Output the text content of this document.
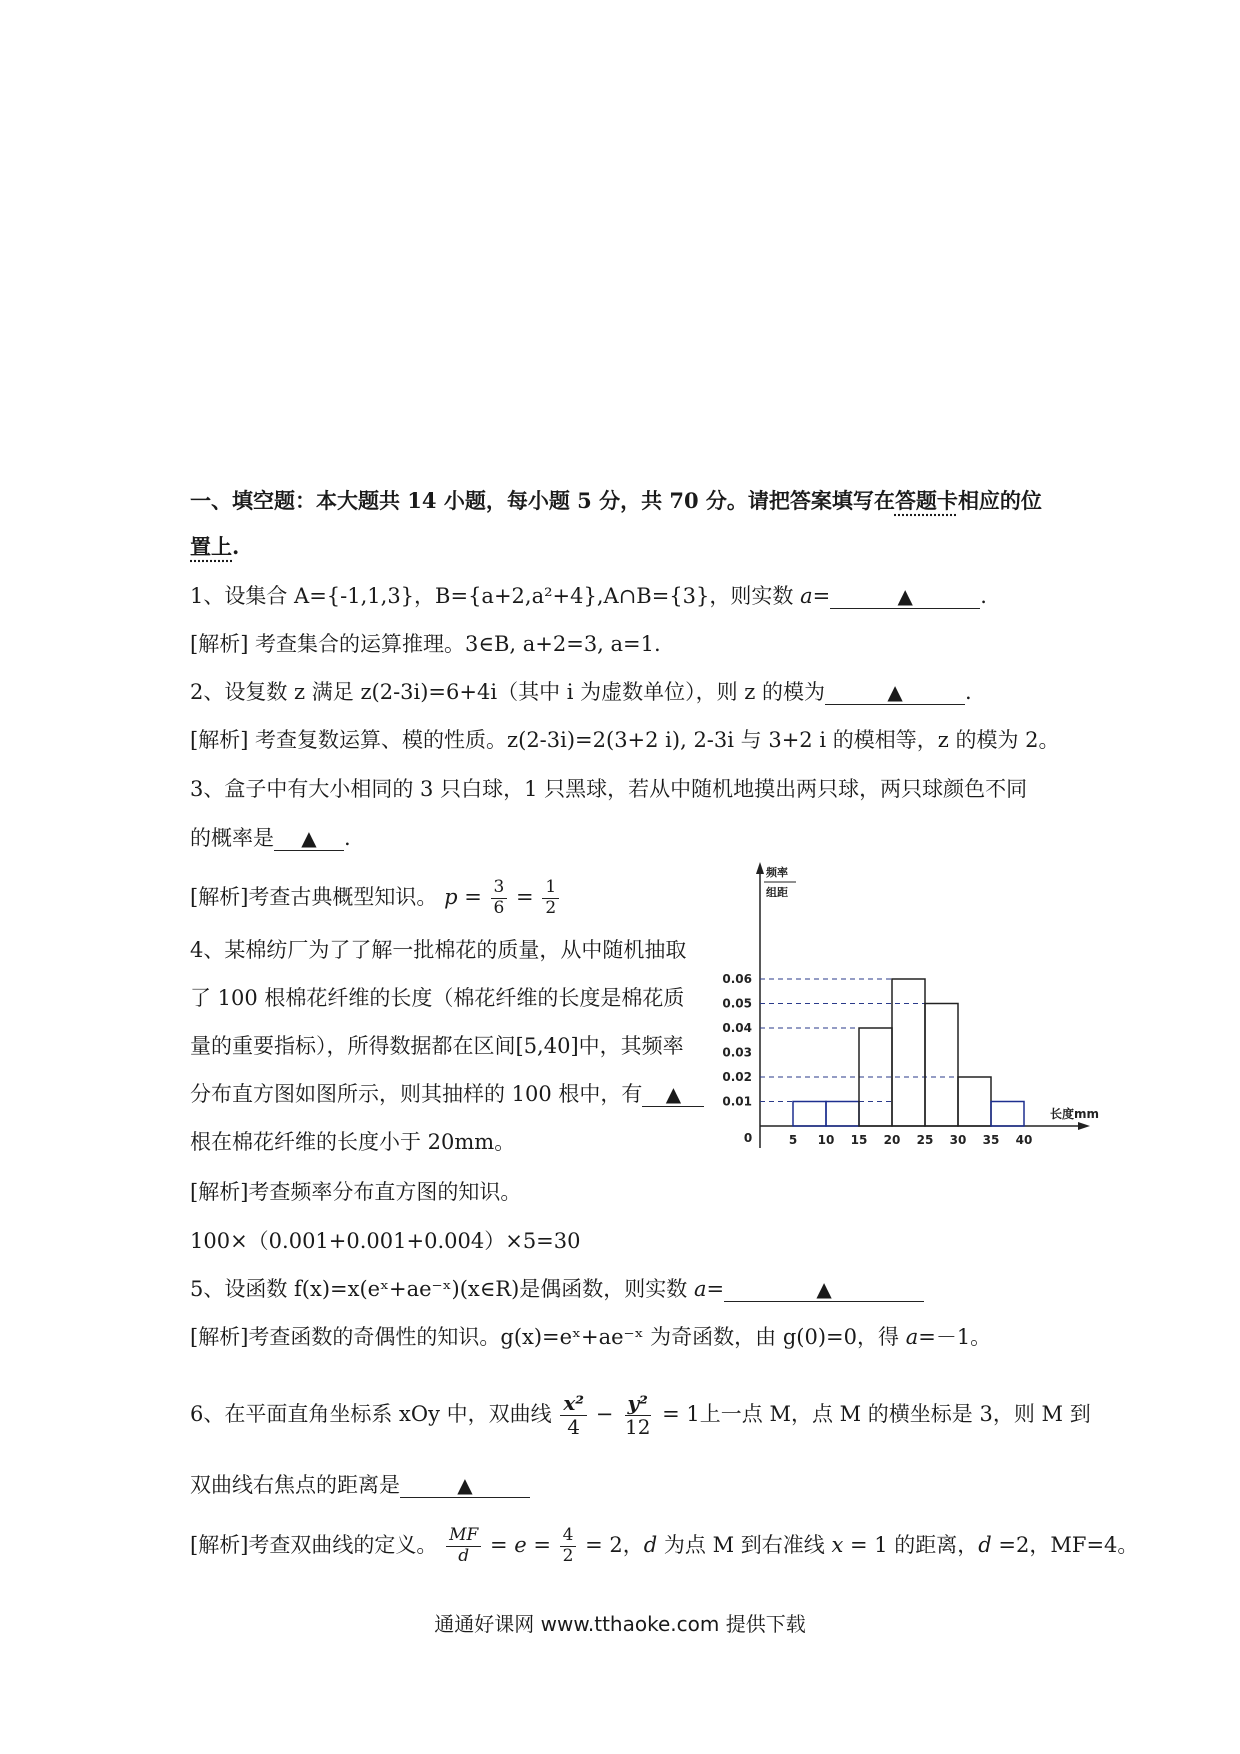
一、填空题：本大题共 14 小题，每小题 5 分，共 70 分。请把答案填写在答题卡相应的位
置上.
1、设集合 A={-1,1,3}，B={a+2,a²+4},A∩B={3}，则实数 a=	▲	.
[解析] 考查集合的运算推理。3∈B, a+2=3, a=1.
2、设复数 z 满足 z(2-3i)=6+4i（其中 i 为虚数单位），则 z 的模为	▲	.
[解析] 考查复数运算、模的性质。z(2-3i)=2(3+2 i), 2-3i 与 3+2 i 的模相等，z 的模为 2。
3、盒子中有大小相同的 3 只白球，1 只黑球，若从中随机地摸出两只球，两只球颜色不同
的概率是 ▲ .
[解析]考查古典概型知识。 $p = \frac{3}{6} = \frac{1}{2}$
4、某棉纺厂为了了解一批棉花的质量，从中随机抽取
了 100 根棉花纤维的长度（棉花纤维的长度是棉花质
量的重要指标），所得数据都在区间[5,40]中，其频率
分布直方图如图所示，则其抽样的 100 根中，有 ▲
根在棉花纤维的长度小于 20mm。
[解析]考查频率分布直方图的知识。
100×（0.001+0.001+0.004）×5=30
5、设函数 f(x)=x(eˣ+ae⁻ˣ)(x∈R)是偶函数，则实数 a=	▲
[解析]考查函数的奇偶性的知识。g(x)=eˣ+ae⁻ˣ 为奇函数，由 g(0)=0，得 a=－1。
6、在平面直角坐标系 xOy 中，双曲线 $\frac{\text{x²}}{4} - \frac{\text{y²}}{12} = 1$上一点 M，点 M 的横坐标是 3，则 M 到
双曲线右焦点的距离是	▲
[解析]考查双曲线的定义。 $\frac{MF}{d} = e = \frac{4}{2} = 2$，d 为点 M 到右准线 x = 1 的距离，d =2，MF=4。
0.01
0.02
0.03
0.04
0.05
0.06
5 10 15 20 25 30 35 40
0
频率
组距
长度mm
通通好课网 www.tthaoke.com 提供下载
